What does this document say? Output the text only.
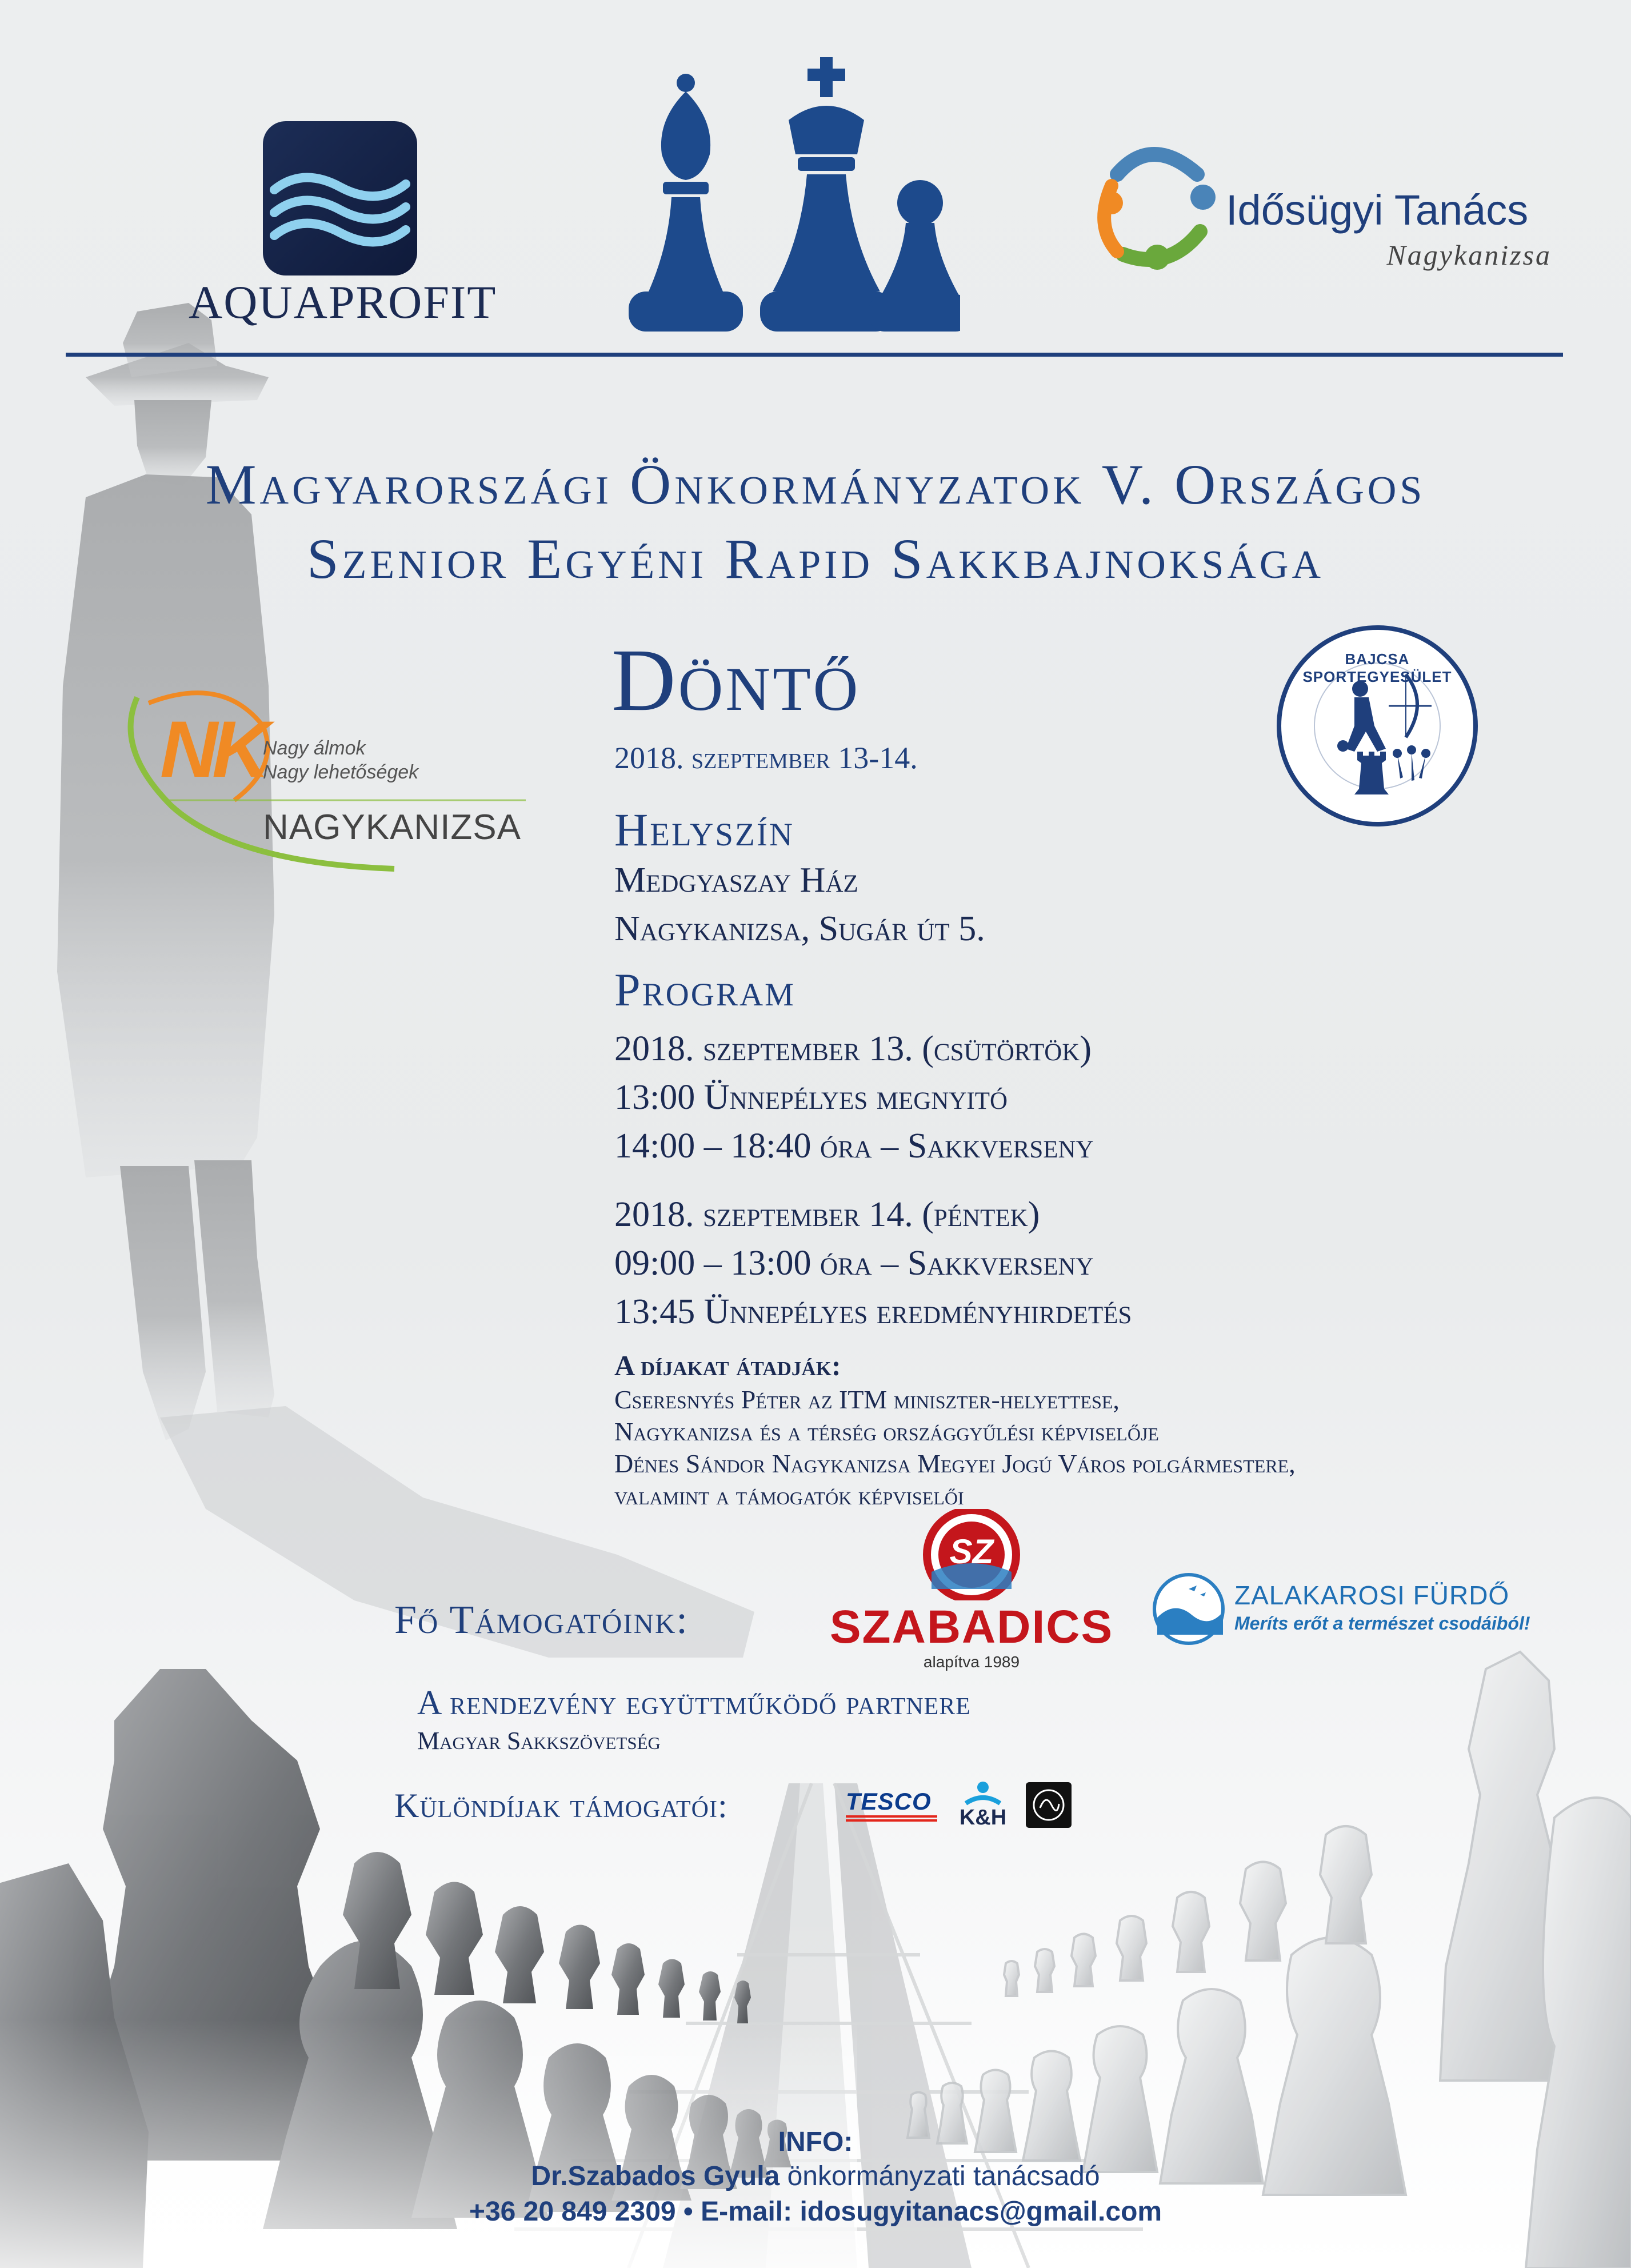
AQUAPROFIT
Idősügyi Tanács
Nagykanizsa
Magyarországi Önkormányzatok V. Országos
Szenior Egyéni Rapid Sakkbajnoksága
NK
Nagy álmok
Nagy lehetőségek
NAGYKANIZSA
BAJCSA SPORTEGYESÜLET
Döntő
2018. szeptember 13-14.
Helyszín
Medgyaszay Ház
Nagykanizsa, Sugár út 5.
Program
2018. szeptember 13. (csütörtök)
13:00 Ünnepélyes megnyitó
14:00 – 18:40 óra – Sakkverseny
2018. szeptember 14. (péntek)
09:00 – 13:00 óra – Sakkverseny
13:45 Ünnepélyes eredményhirdetés
A díjakat átadják:
Cseresnyés Péter az ITM miniszter-helyettese,
Nagykanizsa és a térség országgyűlési képviselője
Dénes Sándor Nagykanizsa Megyei Jogú Város polgármestere,
valamint a támogatók képviselői
Fő Támogatóink:
SZ
SZABADICS
alapítva 1989
ZALAKAROSI FÜRDŐ
Meríts erőt a természet csodáiból!
A rendezvény együttműködő partnere
Magyar Sakkszövetség
Különdíjak támogatói:	TESCO
K&H
INFO:
Dr.Szabados Gyula önkormányzati tanácsadó
+36 20 849 2309 • E-mail: idosugyitanacs@gmail.com
